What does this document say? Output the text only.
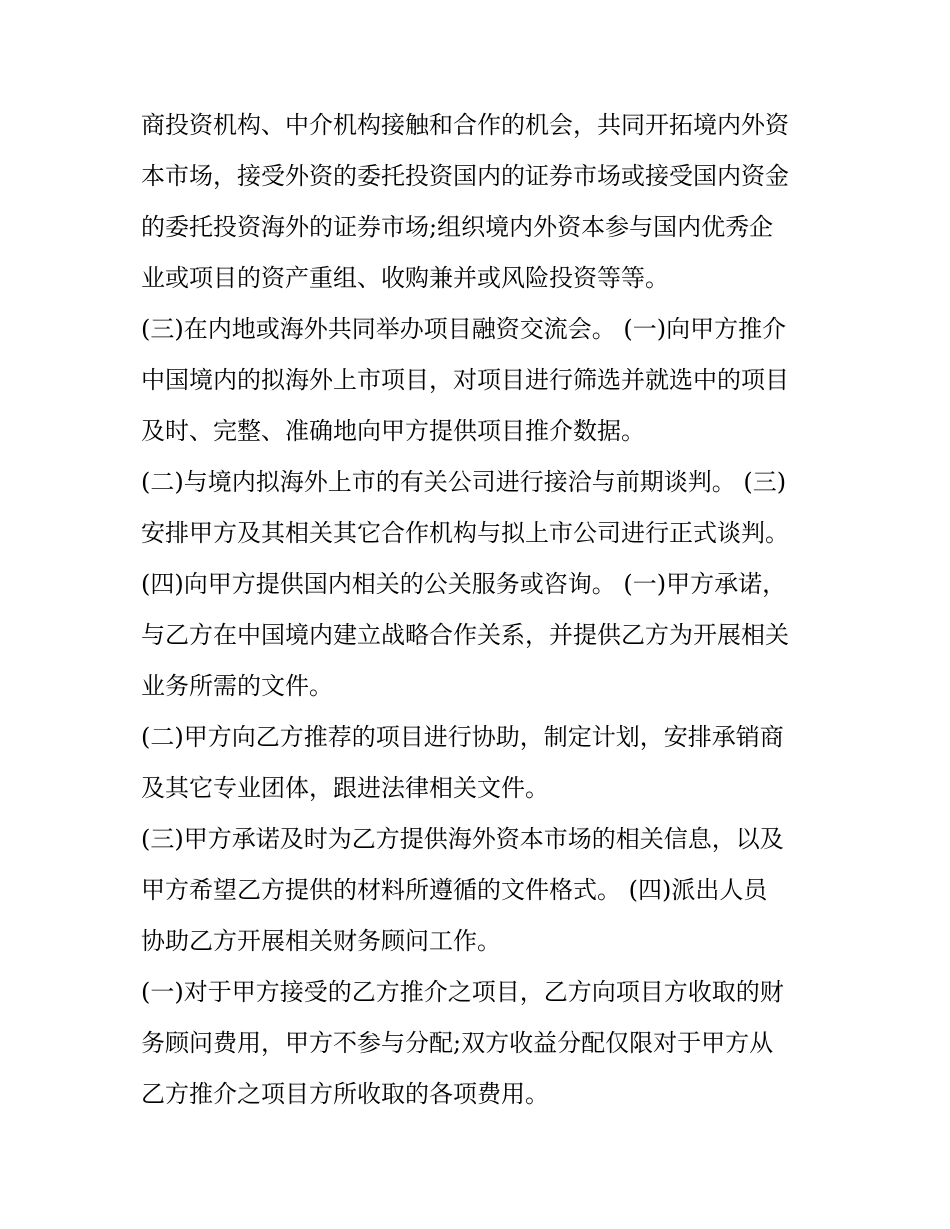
商投资机构、中介机构接触和合作的机会，共同开拓境内外资
本市场，接受外资的委托投资国内的证券市场或接受国内资金
的委托投资海外的证券市场;组织境内外资本参与国内优秀企
业或项目的资产重组、收购兼并或风险投资等等。
(三)在内地或海外共同举办项目融资交流会。 (一)向甲方推介
中国境内的拟海外上市项目，对项目进行筛选并就选中的项目
及时、完整、准确地向甲方提供项目推介数据。
(二)与境内拟海外上市的有关公司进行接洽与前期谈判。 (三)
安排甲方及其相关其它合作机构与拟上市公司进行正式谈判。
(四)向甲方提供国内相关的公关服务或咨询。 (一)甲方承诺，
与乙方在中国境内建立战略合作关系，并提供乙方为开展相关
业务所需的文件。
(二)甲方向乙方推荐的项目进行协助，制定计划，安排承销商
及其它专业团体，跟进法律相关文件。
(三)甲方承诺及时为乙方提供海外资本市场的相关信息，以及
甲方希望乙方提供的材料所遵循的文件格式。 (四)派出人员
协助乙方开展相关财务顾问工作。
(一)对于甲方接受的乙方推介之项目，乙方向项目方收取的财
务顾问费用，甲方不参与分配;双方收益分配仅限对于甲方从
乙方推介之项目方所收取的各项费用。
